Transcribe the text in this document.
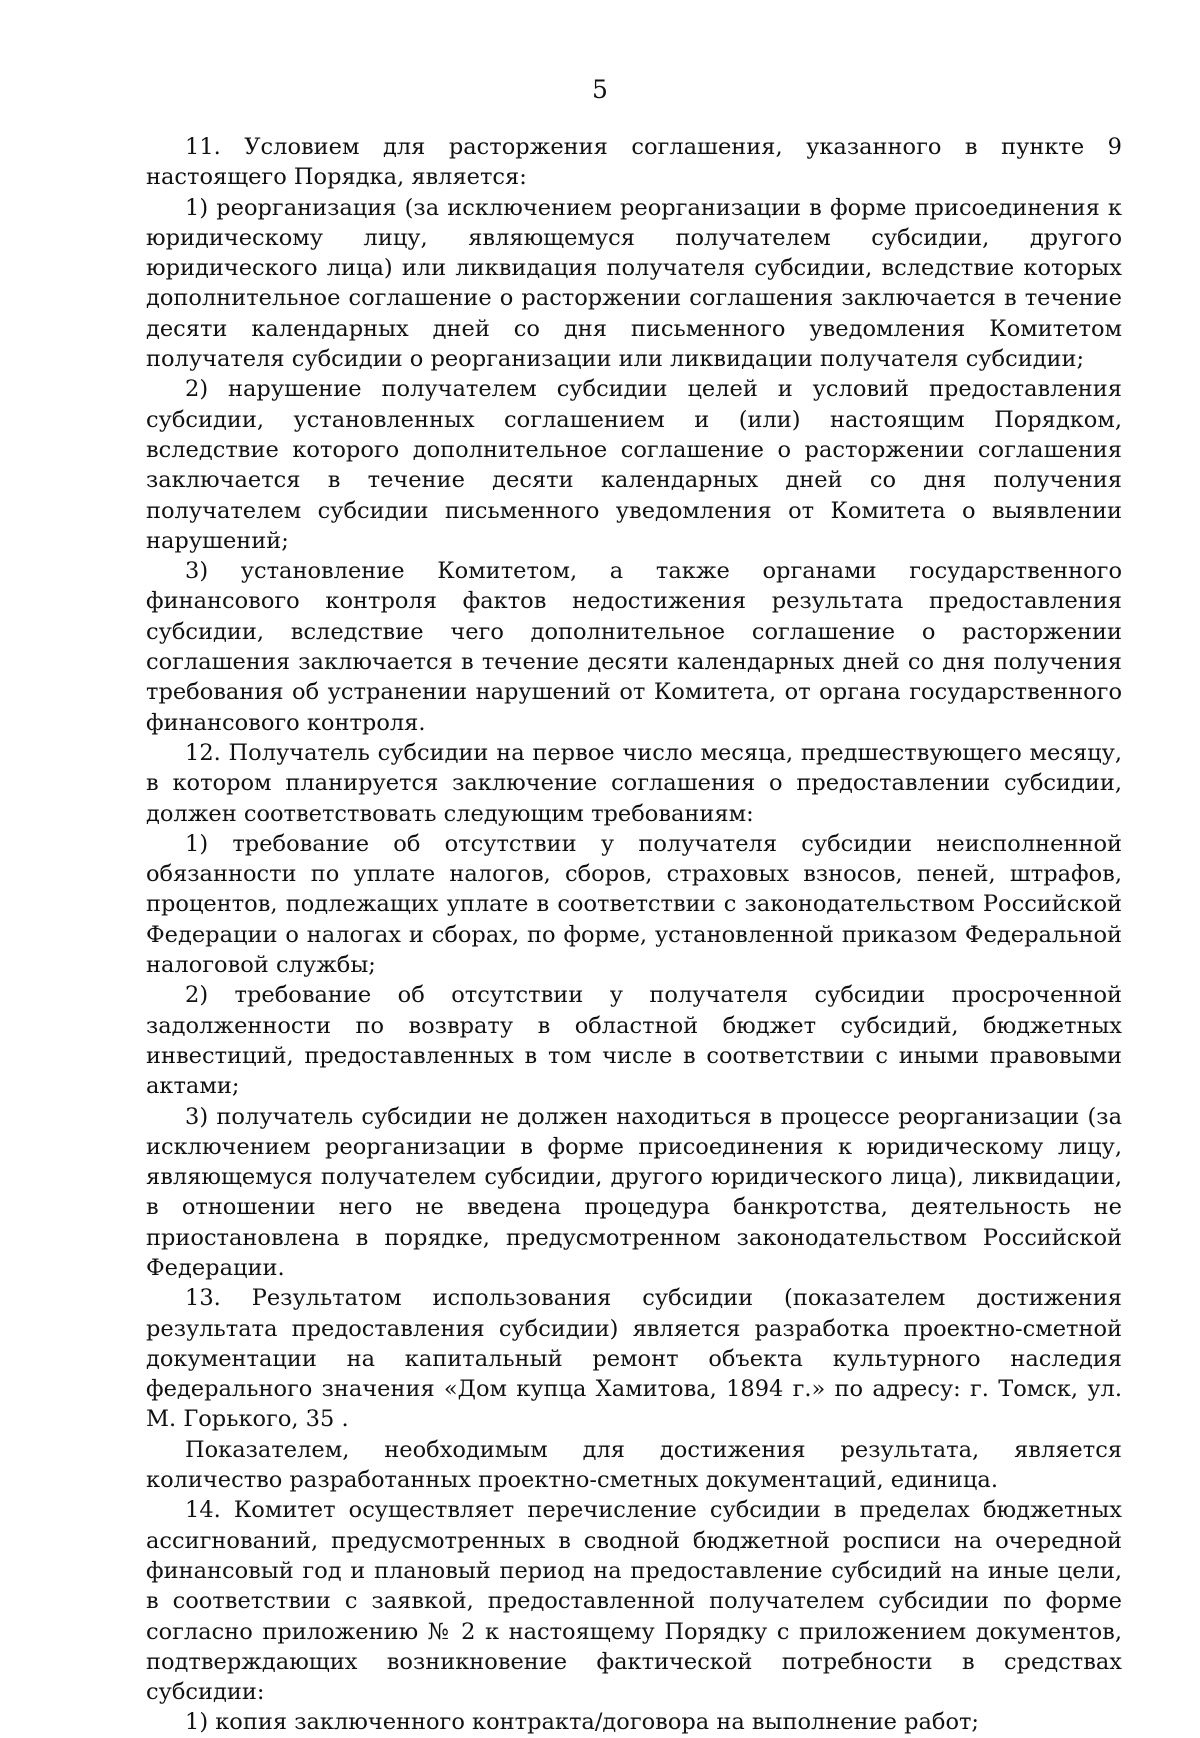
5

11. Условием для расторжения соглашения, указанного в пункте 9 настоящего Порядка, является:

1) реорганизация (за исключением реорганизации в форме присоединения к юридическому лицу, являющемуся получателем субсидии, другого юридического лица) или ликвидация получателя субсидии, вследствие которых дополнительное соглашение о расторжении соглашения заключается в течение десяти календарных дней со дня письменного уведомления Комитетом получателя субсидии о реорганизации или ликвидации получателя субсидии;

2) нарушение получателем субсидии целей и условий предоставления субсидии, установленных соглашением и (или) настоящим Порядком, вследствие которого дополнительное соглашение о расторжении соглашения заключается в течение десяти календарных дней со дня получения получателем субсидии письменного уведомления от Комитета о выявлении нарушений;

3) установление Комитетом, а также органами государственного финансового контроля фактов недостижения результата предоставления субсидии, вследствие чего дополнительное соглашение о расторжении соглашения заключается в течение десяти календарных дней со дня получения требования об устранении нарушений от Комитета, от органа государственного финансового контроля.

12. Получатель субсидии на первое число месяца, предшествующего месяцу, в котором планируется заключение соглашения о предоставлении субсидии, должен соответствовать следующим требованиям:

1) требование об отсутствии у получателя субсидии неисполненной обязанности по уплате налогов, сборов, страховых взносов, пеней, штрафов, процентов, подлежащих уплате в соответствии с законодательством Российской Федерации о налогах и сборах, по форме, установленной приказом Федеральной налоговой службы;

2) требование об отсутствии у получателя субсидии просроченной задолженности по возврату в областной бюджет субсидий, бюджетных инвестиций, предоставленных в том числе в соответствии с иными правовыми актами;

3) получатель субсидии не должен находиться в процессе реорганизации (за исключением реорганизации в форме присоединения к юридическому лицу, являющемуся получателем субсидии, другого юридического лица), ликвидации, в отношении него не введена процедура банкротства, деятельность не приостановлена в порядке, предусмотренном законодательством Российской Федерации.

13. Результатом использования субсидии (показателем достижения результата предоставления субсидии) является разработка проектно-сметной документации на капитальный ремонт объекта культурного наследия федерального значения «Дом купца Хамитова, 1894 г.» по адресу: г. Томск, ул. М. Горького, 35 .

Показателем, необходимым для достижения результата, является количество разработанных проектно-сметных документаций, единица.

14. Комитет осуществляет перечисление субсидии в пределах бюджетных ассигнований, предусмотренных в сводной бюджетной росписи на очередной финансовый год и плановый период на предоставление субсидий на иные цели, в соответствии с заявкой, предоставленной получателем субсидии по форме согласно приложению № 2 к настоящему Порядку с приложением документов, подтверждающих возникновение фактической потребности в средствах субсидии:

1) копия заключенного контракта/договора на выполнение работ;
